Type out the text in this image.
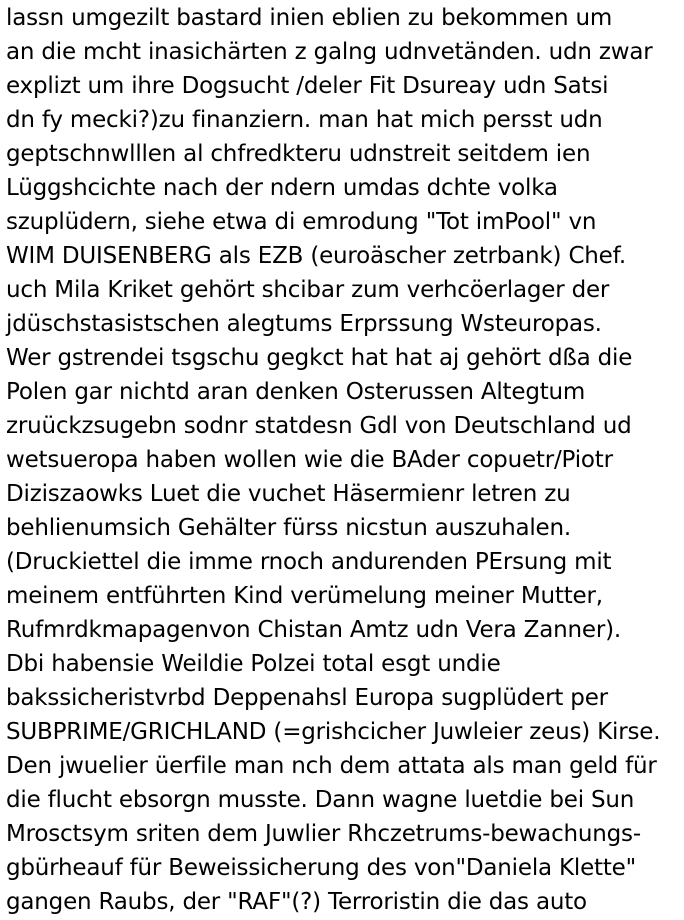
lassn umgezilt bastard inien eblien zu bekommen um
an die mcht inasichärten z galng udnvetänden. udn zwar
explizt um ihre Dogsucht /deler Fit Dsureay udn Satsi
dn fy mecki?)zu finanziern. man hat mich persst udn
geptschnwlllen al chfredkteru udnstreit seitdem ien
Lüggshcichte nach der ndern umdas dchte volka
szuplüdern, siehe etwa di emrodung "Tot imPool" vn
WIM DUISENBERG als EZB (euroäscher zetrbank) Chef.
uch Mila Kriket gehört shcibar zum verhcöerlager der
jdüschstasistschen alegtums Erprssung Wsteuropas.
Wer gstrendei tsgschu gegkct hat hat aj gehört dßa die
Polen gar nichtd aran denken Osterussen Altegtum
zruückzsugebn sodnr statdesn Gdl von Deutschland ud
wetsueropa haben wollen wie die BAder copuetr/Piotr
Diziszaowks Luet die vuchet Häsermienr letren zu
behlienumsich Gehälter fürss nicstun auszuhalen.
(Druckiettel die imme rnoch andurenden PErsung mit
meinem entführten Kind verümelung meiner Mutter,
Rufmrdkmapagenvon Chistan Amtz udn Vera Zanner).
Dbi habensie Weildie Polzei total esgt undie
bakssicheristvrbd Deppenahsl Europa sugplüdert per
SUBPRIME/GRICHLAND (=grishcicher Juwleier zeus) Kirse.
Den jwuelier üerfile man nch dem attata als man geld für
die flucht ebsorgn musste. Dann wagne luetdie bei Sun
Mrosctsym sriten dem Juwlier Rhczetrums-bewachungs-
gbürheauf für Beweissicherung des von"Daniela Klette"
gangen Raubs, der "RAF"(?) Terroristin die das auto
